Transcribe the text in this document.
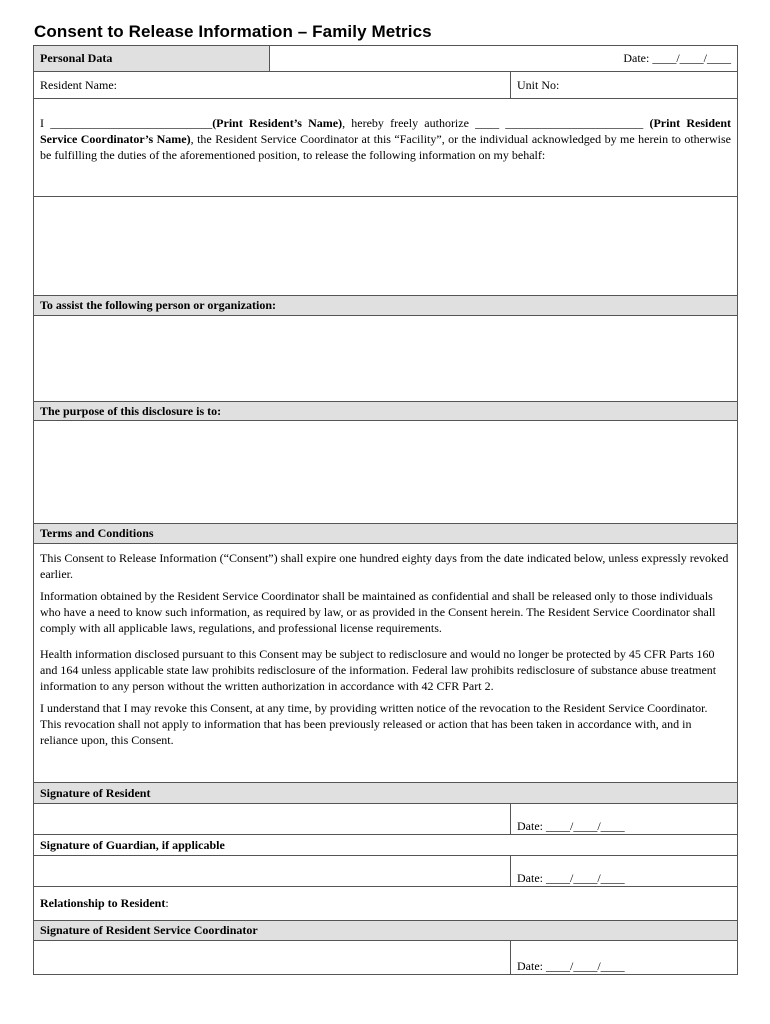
Consent to Release Information – Family Metrics
Personal Data	Date: ____/____/____
Resident Name:	Unit No:
I ___________________________(Print Resident’s Name), hereby freely authorize ____ _______________________ (Print Resident Service Coordinator’s Name), the Resident Service Coordinator at this “Facility”, or the individual acknowledged by me herein to otherwise be fulfilling the duties of the aforementioned position, to release the following information on my behalf:
To assist the following person or organization:
The purpose of this disclosure is to:
Terms and Conditions

This Consent to Release Information (“Consent”) shall expire one hundred eighty days from the date indicated below, unless expressly revoked earlier.

Information obtained by the Resident Service Coordinator shall be maintained as confidential and shall be released only to those individuals who have a need to know such information, as required by law, or as provided in the Consent herein. The Resident Service Coordinator shall comply with all applicable laws, regulations, and professional license requirements.

Health information disclosed pursuant to this Consent may be subject to redisclosure and would no longer be protected by 45 CFR Parts 160 and 164 unless applicable state law prohibits redisclosure of the information. Federal law prohibits redisclosure of substance abuse treatment information to any person without the written authorization in accordance with 42 CFR Part 2.

I understand that I may revoke this Consent, at any time, by providing written notice of the revocation to the Resident Service Coordinator. This revocation shall not apply to information that has been previously released or action that has been taken in accordance with, and in reliance upon, this Consent.

Signature of Resident
Date: ____/____/____
Signature of Guardian, if applicable
Date: ____/____/____
Relationship to Resident :
Signature of Resident Service Coordinator
Date: ____/____/____
